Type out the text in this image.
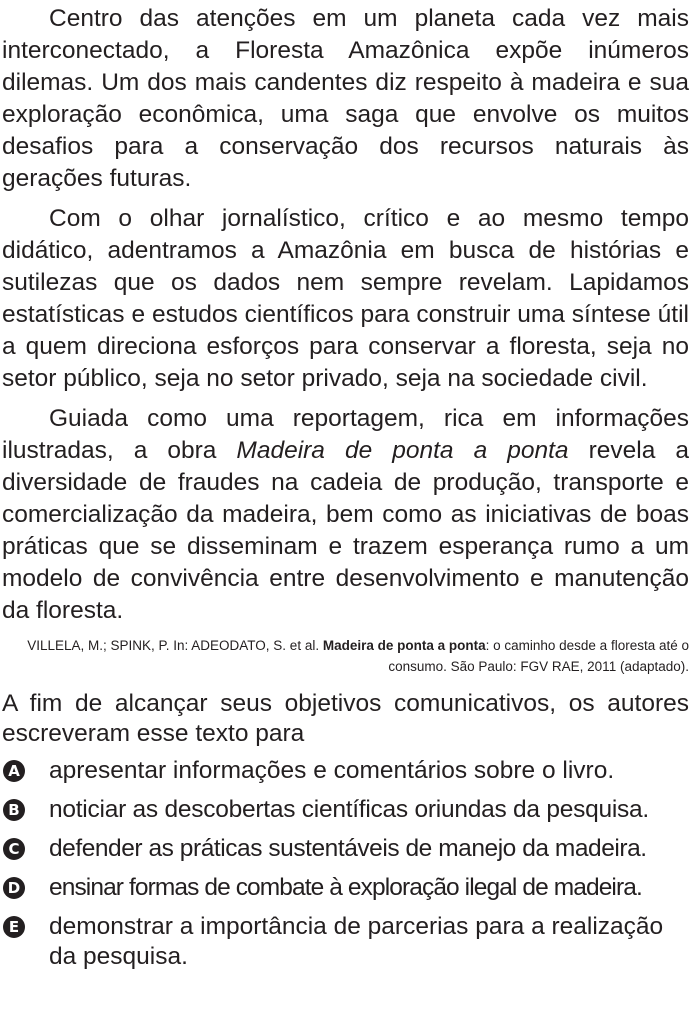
Centro das atenções em um planeta cada vez mais interconectado, a Floresta Amazônica expõe inúmeros dilemas. Um dos mais candentes diz respeito à madeira e sua exploração econômica, uma saga que envolve os muitos desafios para a conservação dos recursos naturais às gerações futuras.

Com o olhar jornalístico, crítico e ao mesmo tempo didático, adentramos a Amazônia em busca de histórias e sutilezas que os dados nem sempre revelam. Lapidamos estatísticas e estudos científicos para construir uma síntese útil a quem direciona esforços para conservar a floresta, seja no setor público, seja no setor privado, seja na sociedade civil.

Guiada como uma reportagem, rica em informações ilustradas, a obra Madeira de ponta a ponta revela a diversidade de fraudes na cadeia de produção, transporte e comercialização da madeira, bem como as iniciativas de boas práticas que se disseminam e trazem esperança rumo a um modelo de convivência entre desenvolvimento e manutenção da floresta.

VILLELA, M.; SPINK, P. In: ADEODATO, S. et al. Madeira de ponta a ponta: o caminho desde a floresta até o consumo. São Paulo: FGV RAE, 2011 (adaptado).

A fim de alcançar seus objetivos comunicativos, os autores escreveram esse texto para

A apresentar informações e comentários sobre o livro.
B noticiar as descobertas científicas oriundas da pesquisa.
C defender as práticas sustentáveis de manejo da madeira.
D ensinar formas de combate à exploração ilegal de madeira.
E demonstrar a importância de parcerias para a realização da pesquisa.
